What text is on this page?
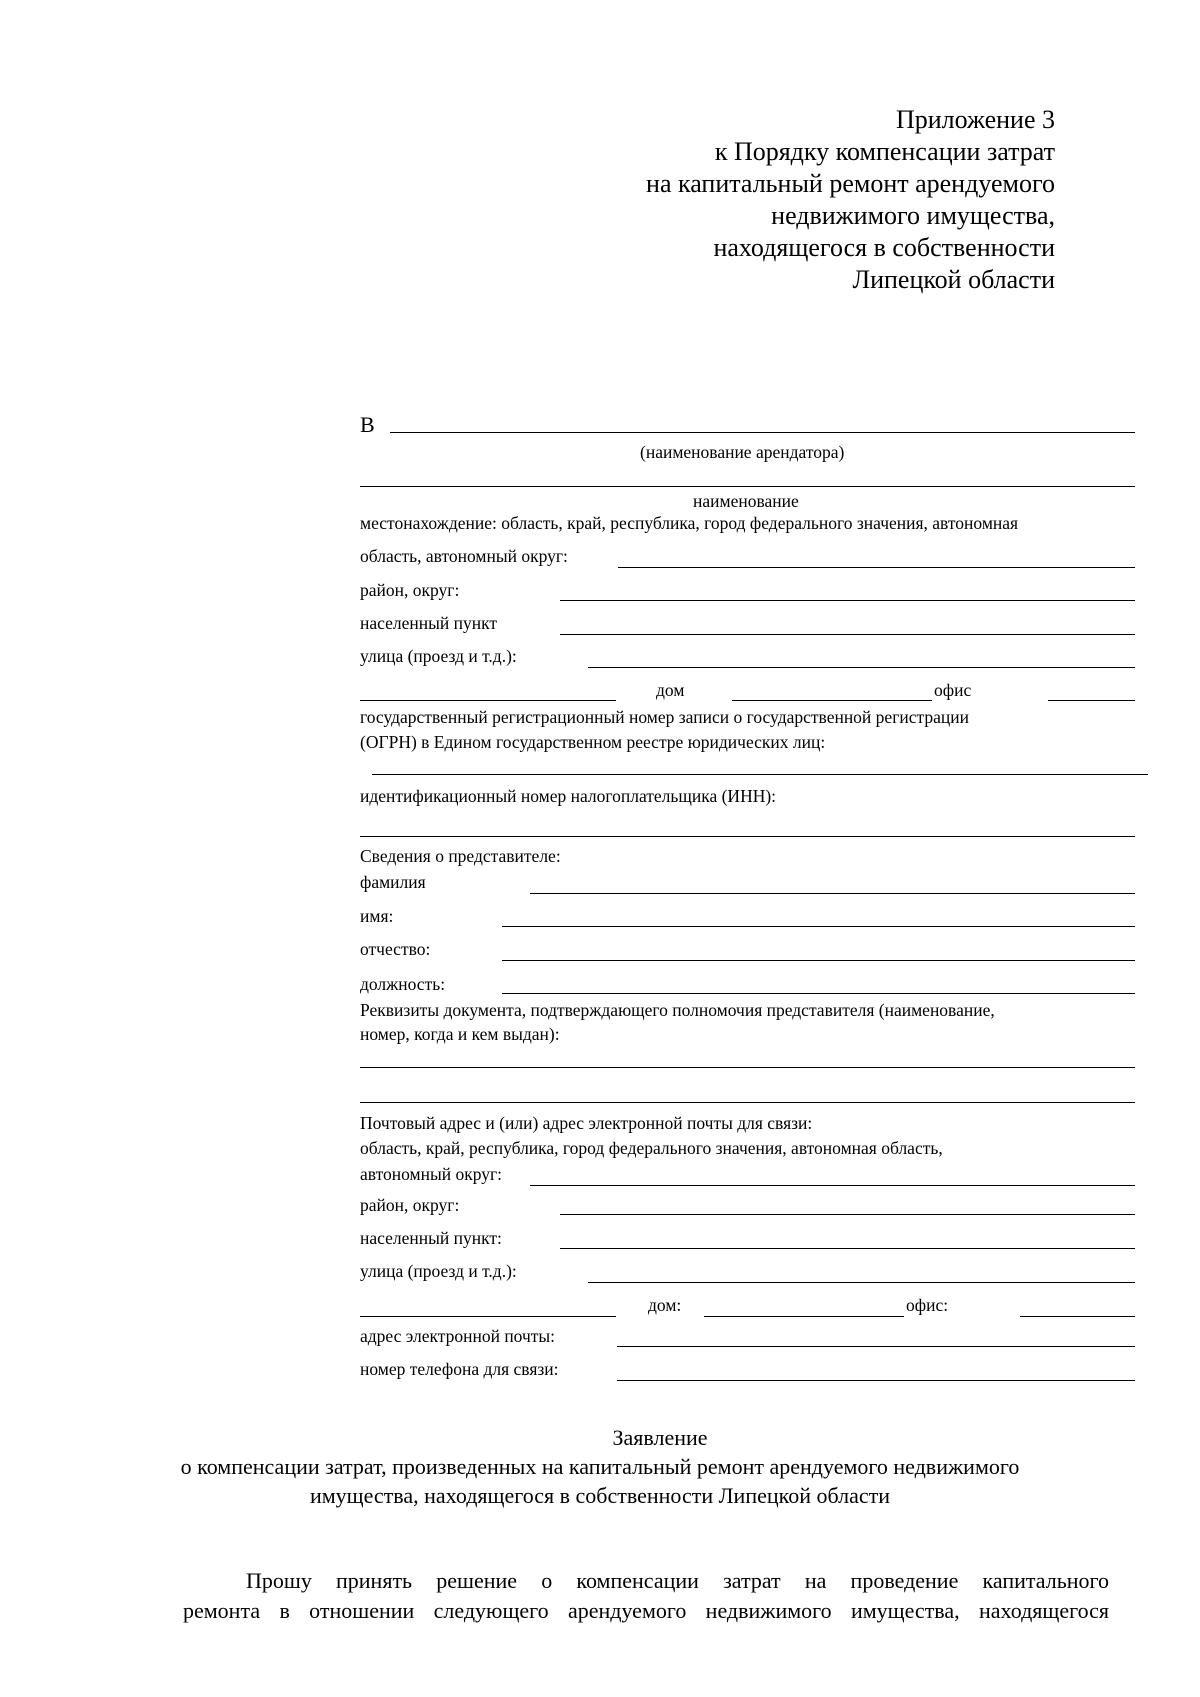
Приложение 3
к Порядку компенсации затрат
на капитальный ремонт арендуемого
недвижимого имущества,
находящегося в собственности
Липецкой области
В
(наименование арендатора)
наименование
местонахождение: область, край, республика, город федерального значения, автономная
область, автономный округ:
район, округ:
населенный пункт
улица (проезд и т.д.):
дом	офис
государственный регистрационный номер записи о государственной регистрации
(ОГРН) в Едином государственном реестре юридических лиц:
идентификационный номер налогоплательщика (ИНН):
Сведения о представителе:
фамилия
имя:
отчество:
должность:
Реквизиты документа, подтверждающего полномочия представителя (наименование,
номер, когда и кем выдан):
Почтовый адрес и (или) адрес электронной почты для связи:
область, край, республика, город федерального значения, автономная область,
автономный округ:
район, округ:
населенный пункт:
улица (проезд и т.д.):
дом:	офис:
адрес электронной почты:
номер телефона для связи:
Заявление
о компенсации затрат, произведенных на капитальный ремонт арендуемого недвижимого
имущества, находящегося в собственности Липецкой области
Прошу принять решение о компенсации затрат на проведение капитального
ремонта в отношении следующего арендуемого недвижимого имущества, находящегося
